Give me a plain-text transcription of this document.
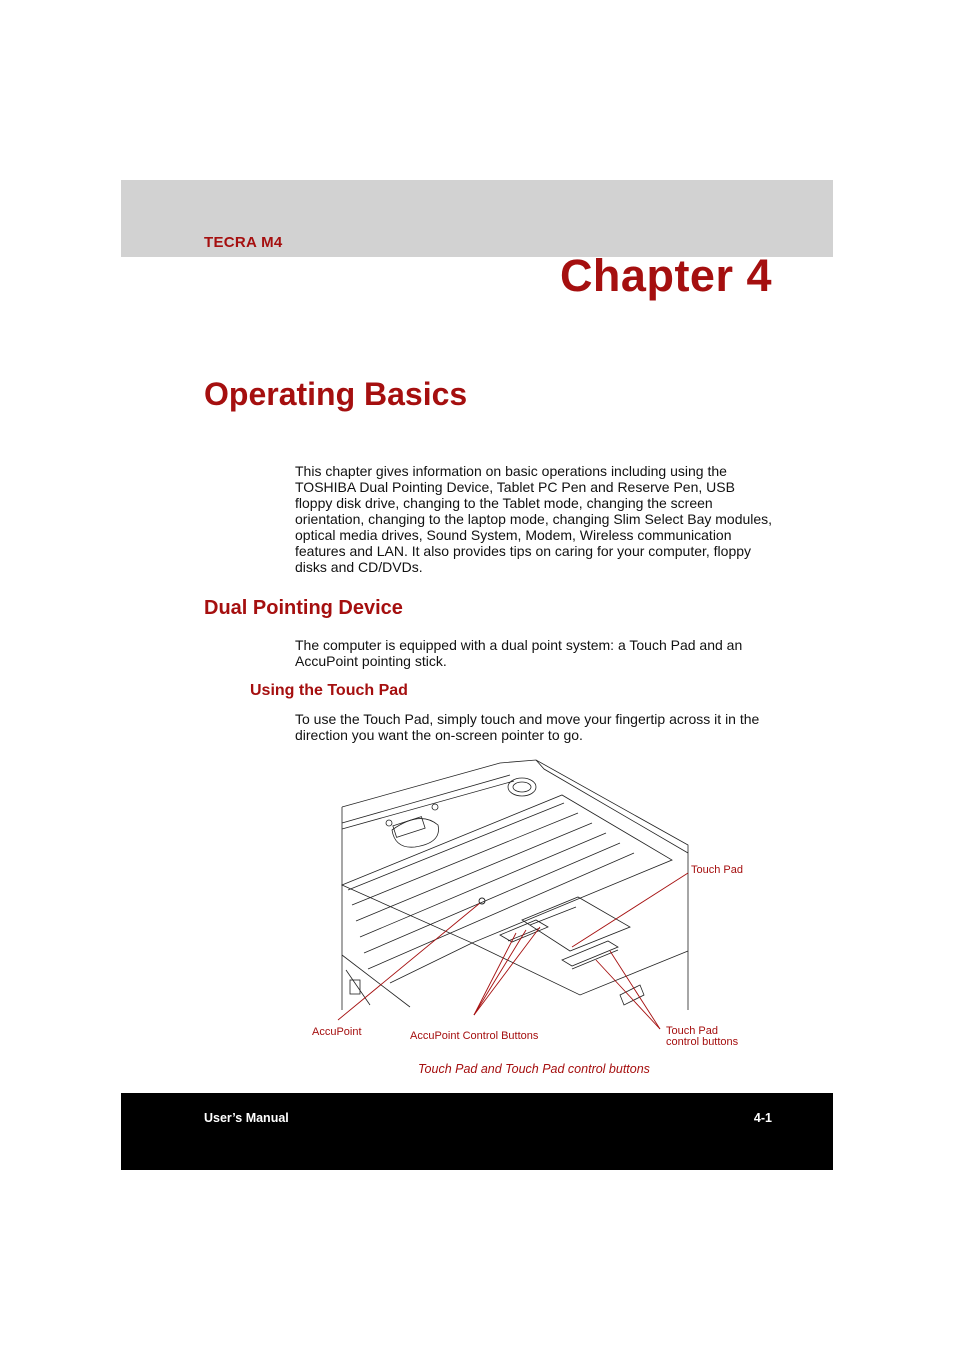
TECRA M4
Chapter 4
Operating Basics

This chapter gives information on basic operations including using the TOSHIBA Dual Pointing Device, Tablet PC Pen and Reserve Pen, USB floppy disk drive, changing to the Tablet mode, changing the screen orientation, changing to the laptop mode, changing Slim Select Bay modules, optical media drives, Sound System, Modem, Wireless communication features and LAN. It also provides tips on caring for your computer, floppy disks and CD/DVDs.

Dual Pointing Device

The computer is equipped with a dual point system: a Touch Pad and an AccuPoint pointing stick.

Using the Touch Pad

To use the Touch Pad, simply touch and move your fingertip across it in the direction you want the on-screen pointer to go.

Touch Pad
AccuPoint	AccuPoint Control Buttons	Touch Pad
control buttons
Touch Pad and Touch Pad control buttons
User’s Manual	4-1
